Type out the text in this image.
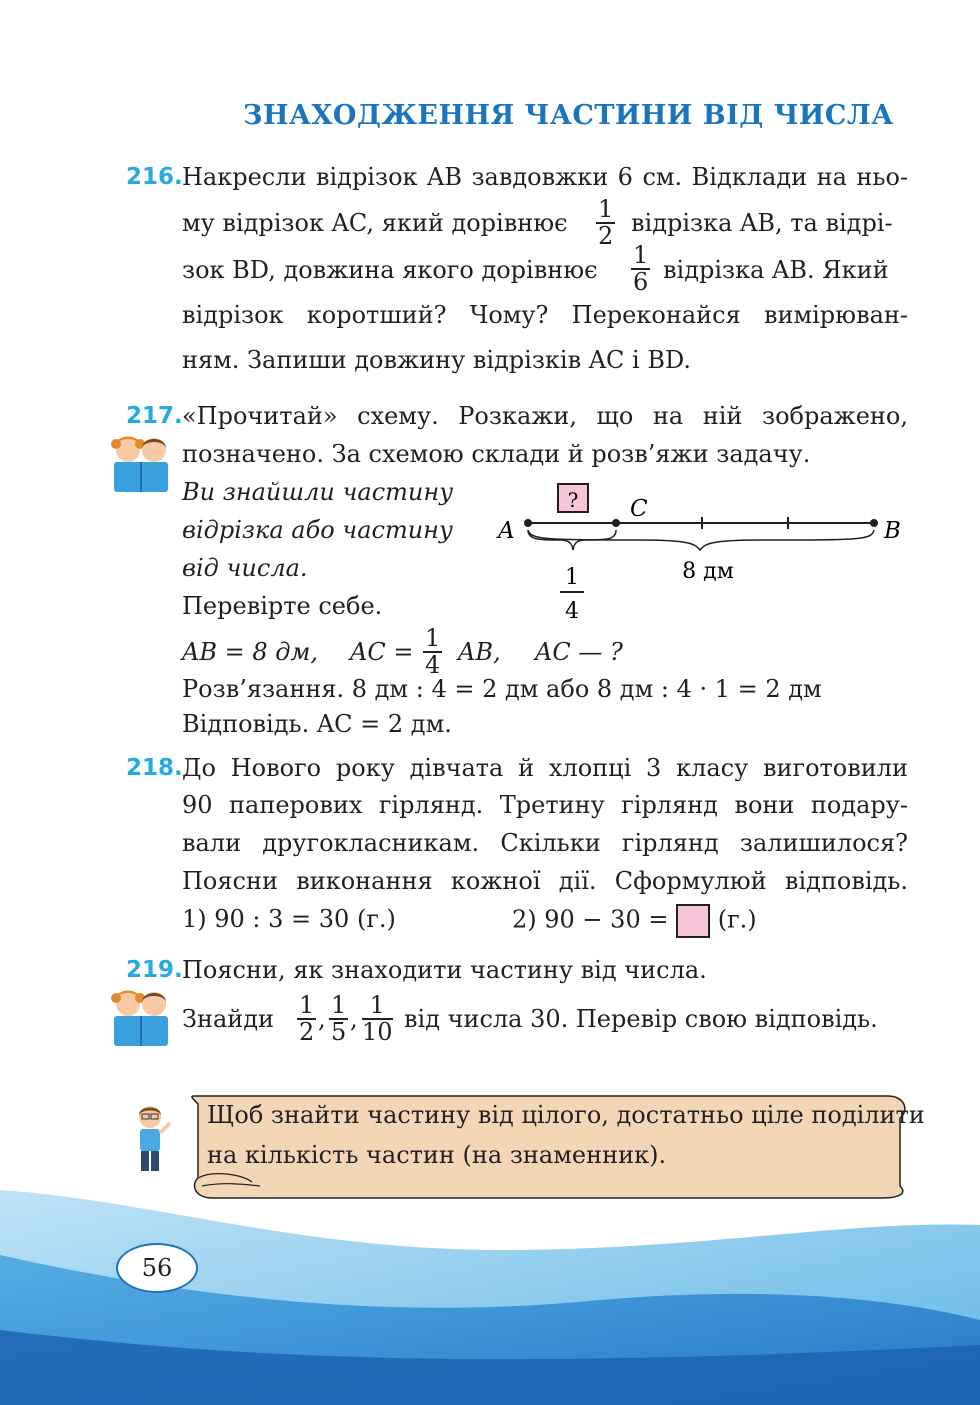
ЗНАХОДЖЕННЯ ЧАСТИНИ ВІД ЧИСЛА
216. Накресли відрізок AB завдовжки 6 см. Відклади на ньо-
му відрізок AC, який дорівнює $\frac{1}{2}$ відрізка AB, та відрі-
зок BD, довжина якого дорівнює $\frac{1}{6}$ відрізка AB. Який
відрізок коротший? Чому? Переконайся вимірюван-
ням. Запиши довжину відрізків AC і BD.
217. «Прочитай» схему. Розкажи, що на ній зображено,
позначено. За схемою склади й розв’яжи задачу.
Ви знайшли частину
відрізка або частину
від числа.
Перевірте себе.
?
A	B
C
8 дм
1
4
AB = 8 дм, AC = $\frac{1}{4}$ AB, AC — ?
Розв’язання. 8 дм : 4 = 2 дм або 8 дм : 4 · 1 = 2 дм
Відповідь. AC = 2 дм.
218. До Нового року дівчата й хлопці 3 класу виготовили
90 паперових гірлянд. Третину гірлянд вони подару-
вали другокласникам. Скільки гірлянд залишилося?
Поясни виконання кожної дії. Сформулюй відповідь.
1) 90 : 3 = 30 (г.)	2) 90 − 30 = (г.)
219. Поясни, як знаходити частину від числа.
Знайди $\frac{1}{2}$ , $\frac{1}{5}$ , $\frac{1}{10}$ від числа 30. Перевір свою відповідь.
Щоб знайти частину від цілого, достатньо ціле поділити
на кількість частин (на знаменник).
56
